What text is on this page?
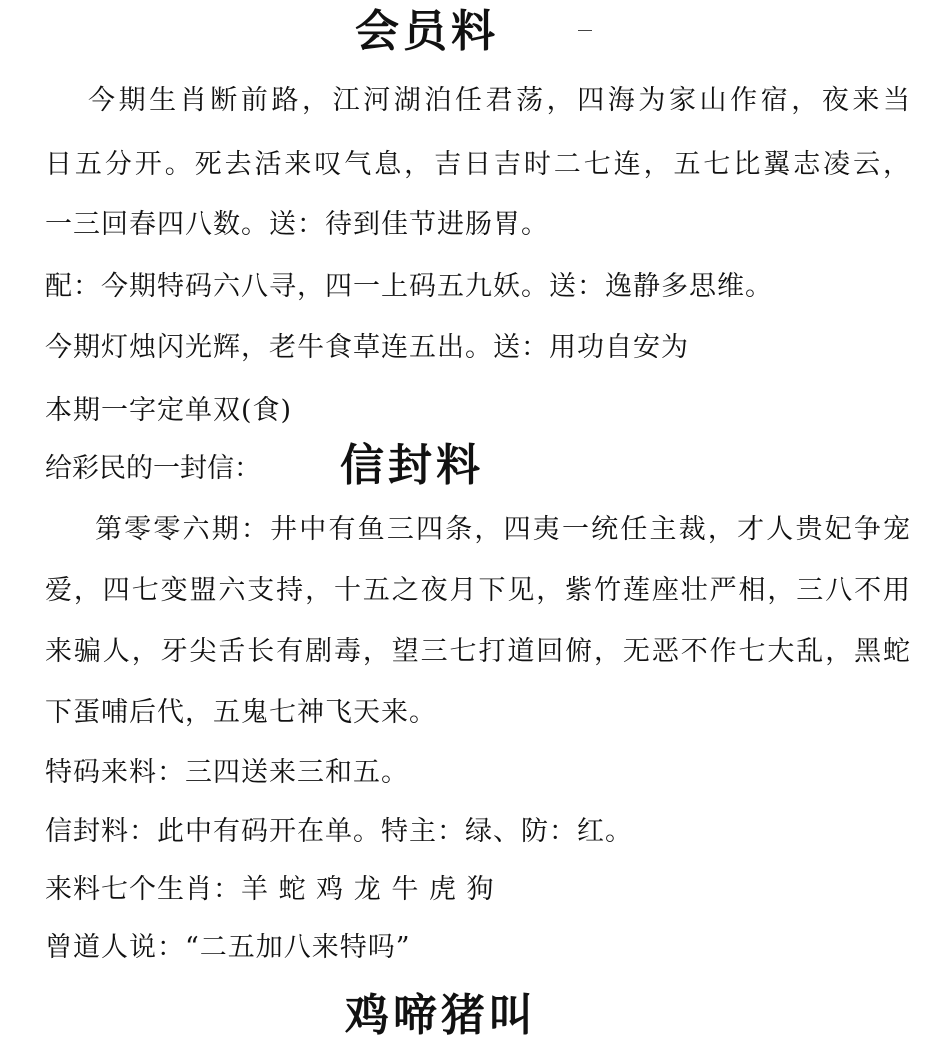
会员料
今期生肖断前路，江河湖泊任君荡，四海为家山作宿，夜来当
日五分开。死去活来叹气息，吉日吉时二七连，五七比翼志凌云，
一三回春四八数。送：待到佳节进肠胃。
配：今期特码六八寻，四一上码五九妖。送：逸静多思维。
今期灯烛闪光辉，老牛食草连五出。送：用功自安为
本期一字定单双(食)
给彩民的一封信： 信封料
第零零六期：井中有鱼三四条，四夷一统任主裁，才人贵妃争宠
爱，四七变盟六支持，十五之夜月下见，紫竹莲座壮严相，三八不用
来骗人，牙尖舌长有剧毒，望三七打道回俯，无恶不作七大乱，黑蛇
下蛋哺后代，五鬼七神飞天来。
特码来料：三四送来三和五。
信封料：此中有码开在单。特主：绿、防：红。
来料七个生肖：羊 蛇 鸡 龙 牛 虎 狗
曾道人说：“二五加八来特吗”
鸡啼猪叫
